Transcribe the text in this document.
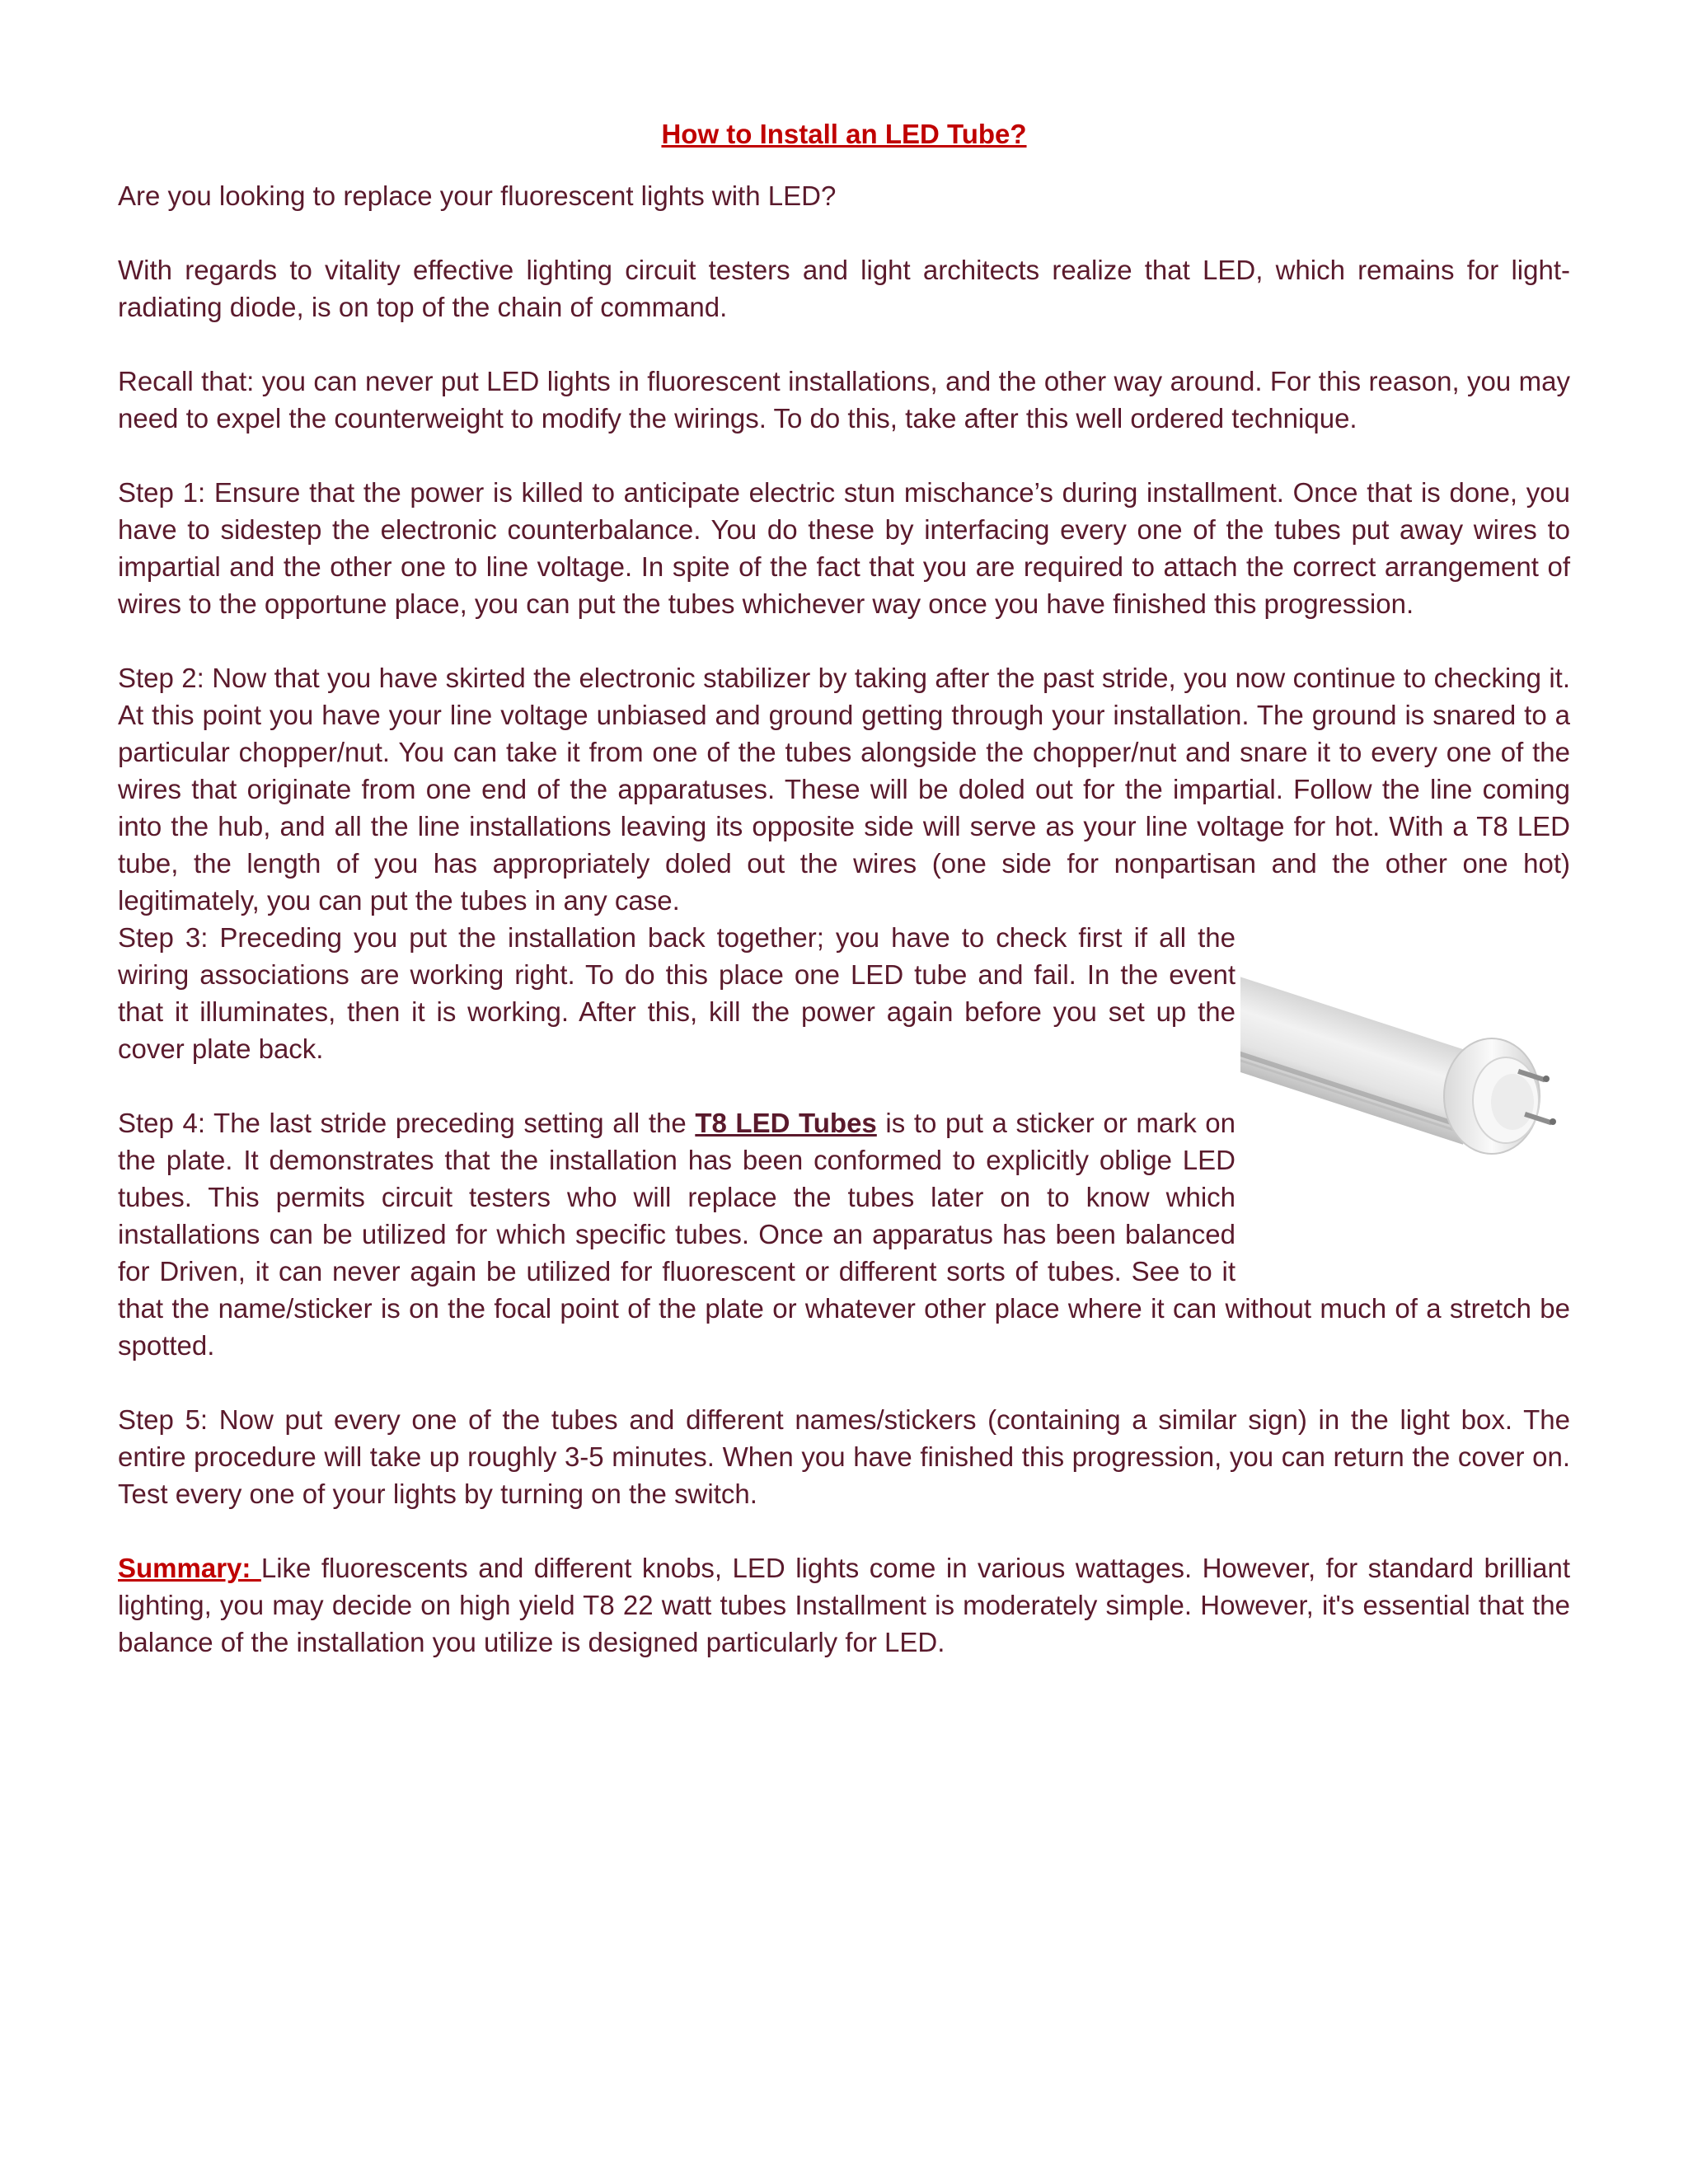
How to Install an LED Tube?

Are you looking to replace your fluorescent lights with LED?

With regards to vitality effective lighting circuit testers and light architects realize that LED, which remains for light-radiating diode, is on top of the chain of command.

Recall that: you can never put LED lights in fluorescent installations, and the other way around. For this reason, you may need to expel the counterweight to modify the wirings. To do this, take after this well ordered technique.

Step 1: Ensure that the power is killed to anticipate electric stun mischance’s during installment. Once that is done, you have to sidestep the electronic counterbalance. You do these by interfacing every one of the tubes put away wires to impartial and the other one to line voltage. In spite of the fact that you are required to attach the correct arrangement of wires to the opportune place, you can put the tubes whichever way once you have finished this progression.

Step 2: Now that you have skirted the electronic stabilizer by taking after the past stride, you now continue to checking it. At this point you have your line voltage unbiased and ground getting through your installation. The ground is snared to a particular chopper/nut. You can take it from one of the tubes alongside the chopper/nut and snare it to every one of the wires that originate from one end of the apparatuses. These will be doled out for the impartial. Follow the line coming into the hub, and all the line installations leaving its opposite side will serve as your line voltage for hot. With a T8 LED tube, the length of you has appropriately doled out the wires (one side for nonpartisan and the other one hot) legitimately, you can put the tubes in any case.

Step 3: Preceding you put the installation back together; you have to check first if all the wiring associations are working right. To do this place one LED tube and fail. In the event that it illuminates, then it is working. After this, kill the power again before you set up the cover plate back.

Step 4: The last stride preceding setting all the T8 LED Tubes is to put a sticker or mark on the plate. It demonstrates that the installation has been conformed to explicitly oblige LED tubes. This permits circuit testers who will replace the tubes later on to know which installations can be utilized for which specific tubes. Once an apparatus has been balanced for Driven, it can never again be utilized for fluorescent or different sorts of tubes. See to it that the name/sticker is on the focal point of the plate or whatever other place where it can without much of a stretch be spotted.

Step 5: Now put every one of the tubes and different names/stickers (containing a similar sign) in the light box. The entire procedure will take up roughly 3-5 minutes. When you have finished this progression, you can return the cover on. Test every one of your lights by turning on the switch.

Summary: Like fluorescents and different knobs, LED lights come in various wattages. However, for standard brilliant lighting, you may decide on high yield T8 22 watt tubes Installment is moderately simple. However, it's essential that the balance of the installation you utilize is designed particularly for LED.
